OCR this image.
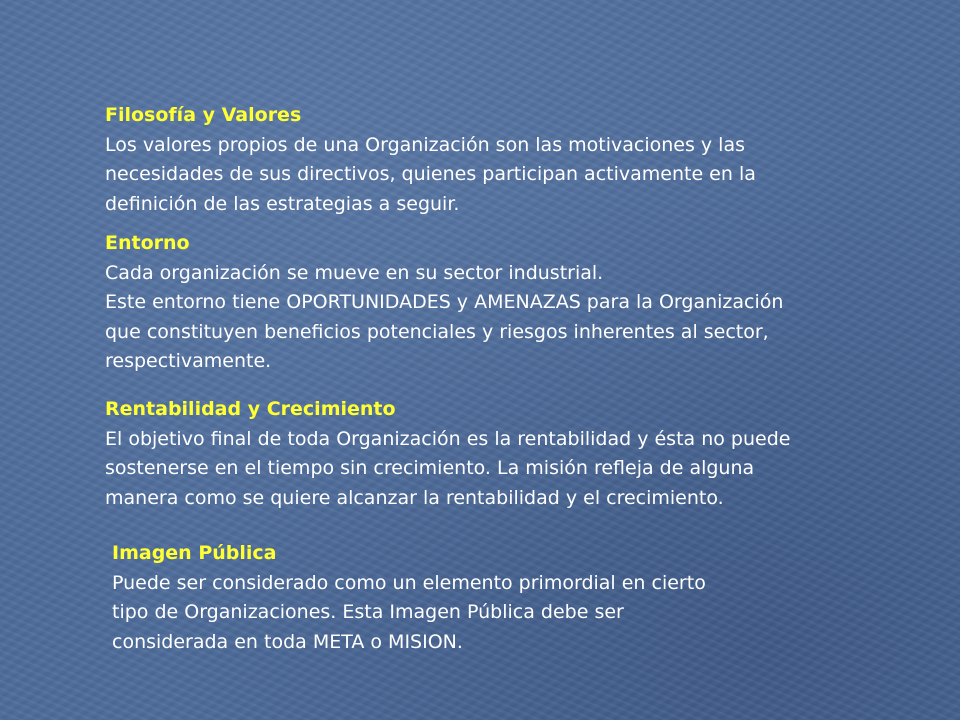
Filosofía y Valores

Los valores propios de una Organización son las motivaciones y las

necesidades de sus directivos, quienes participan activamente en la

definición de las estrategias a seguir.

Entorno

Cada organización se mueve en su sector industrial.

Este entorno tiene OPORTUNIDADES y AMENAZAS para la Organización

que constituyen beneficios potenciales y riesgos inherentes al sector,

respectivamente.

Rentabilidad y Crecimiento

El objetivo final de toda Organización es la rentabilidad y ésta no puede

sostenerse en el tiempo sin crecimiento. La misión refleja de alguna

manera como se quiere alcanzar la rentabilidad y el crecimiento.

Imagen Pública

Puede ser considerado como un elemento primordial en cierto

tipo de Organizaciones. Esta Imagen Pública debe ser

considerada en toda META o MISION.
